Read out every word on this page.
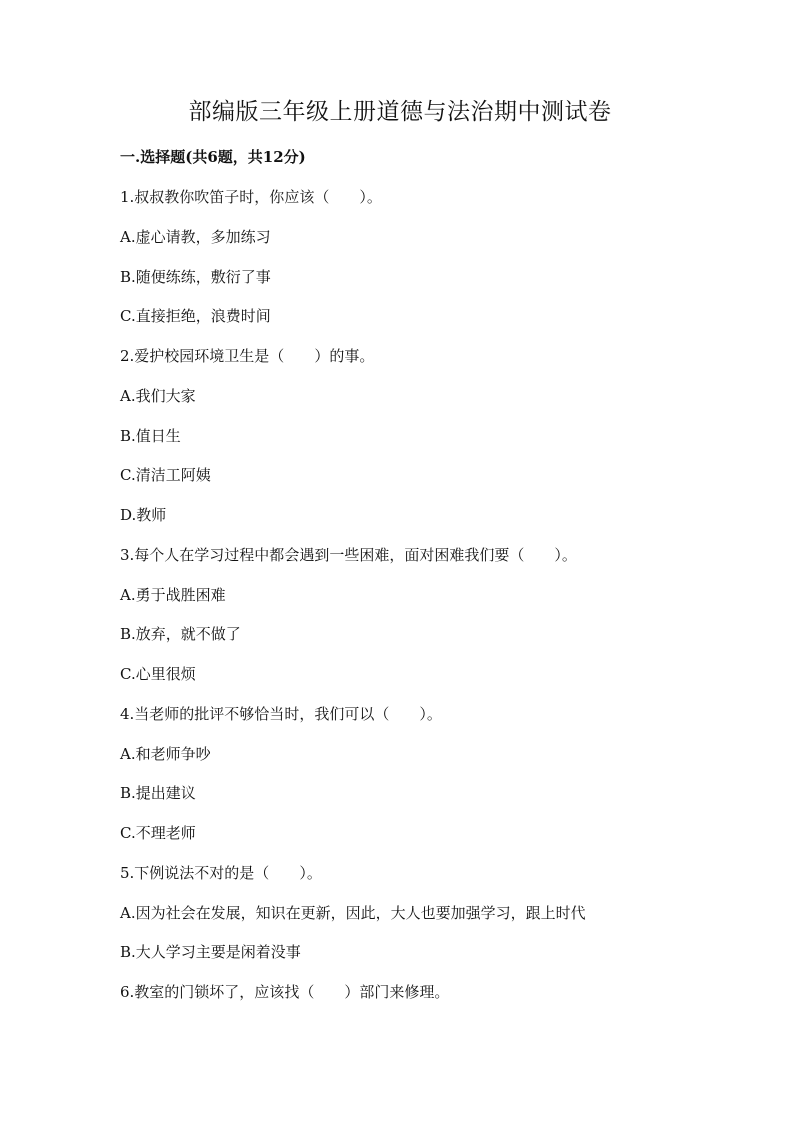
部编版三年级上册道德与法治期中测试卷
一.选择题(共6题，共12分)
1.叔叔教你吹笛子时，你应该（　　）。
A.虚心请教，多加练习
B.随便练练，敷衍了事
C.直接拒绝，浪费时间
2.爱护校园环境卫生是（　　）的事。
A.我们大家
B.值日生
C.清洁工阿姨
D.教师
3.每个人在学习过程中都会遇到一些困难，面对困难我们要（　　）。
A.勇于战胜困难
B.放弃，就不做了
C.心里很烦
4.当老师的批评不够恰当时，我们可以（　　）。
A.和老师争吵
B.提出建议
C.不理老师
5.下例说法不对的是（　　）。
A.因为社会在发展，知识在更新，因此，大人也要加强学习，跟上时代
B.大人学习主要是闲着没事
6.教室的门锁坏了，应该找（　　）部门来修理。
